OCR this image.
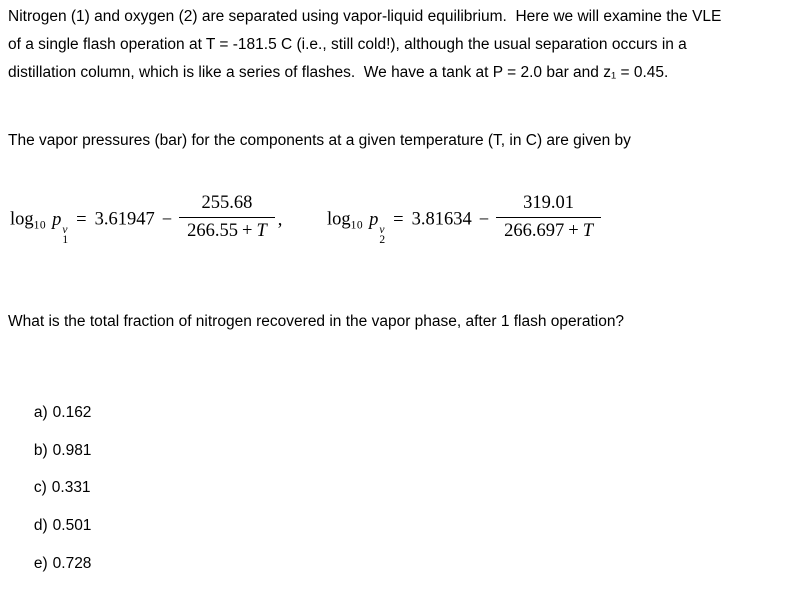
Nitrogen (1) and oxygen (2) are separated using vapor-liquid equilibrium.  Here we will examine the VLE
of a single flash operation at T = -181.5 C (i.e., still cold!), although the usual separation occurs in a
distillation column, which is like a series of flashes.  We have a tank at P = 2.0 bar and z₁ = 0.45.
The vapor pressures (bar) for the components at a given temperature (T, in C) are given by
$\log_{10} p$ v
1
= $3.61947 - \frac{255.68}{266.55 + T}$ , $\log_{10} p$ v
2
= $3.81634 - \frac{319.01}{266.697 + T}$
What is the total fraction of nitrogen recovered in the vapor phase, after 1 flash operation?

a) 0.162

b) 0.981

c) 0.331

d) 0.501

e) 0.728
